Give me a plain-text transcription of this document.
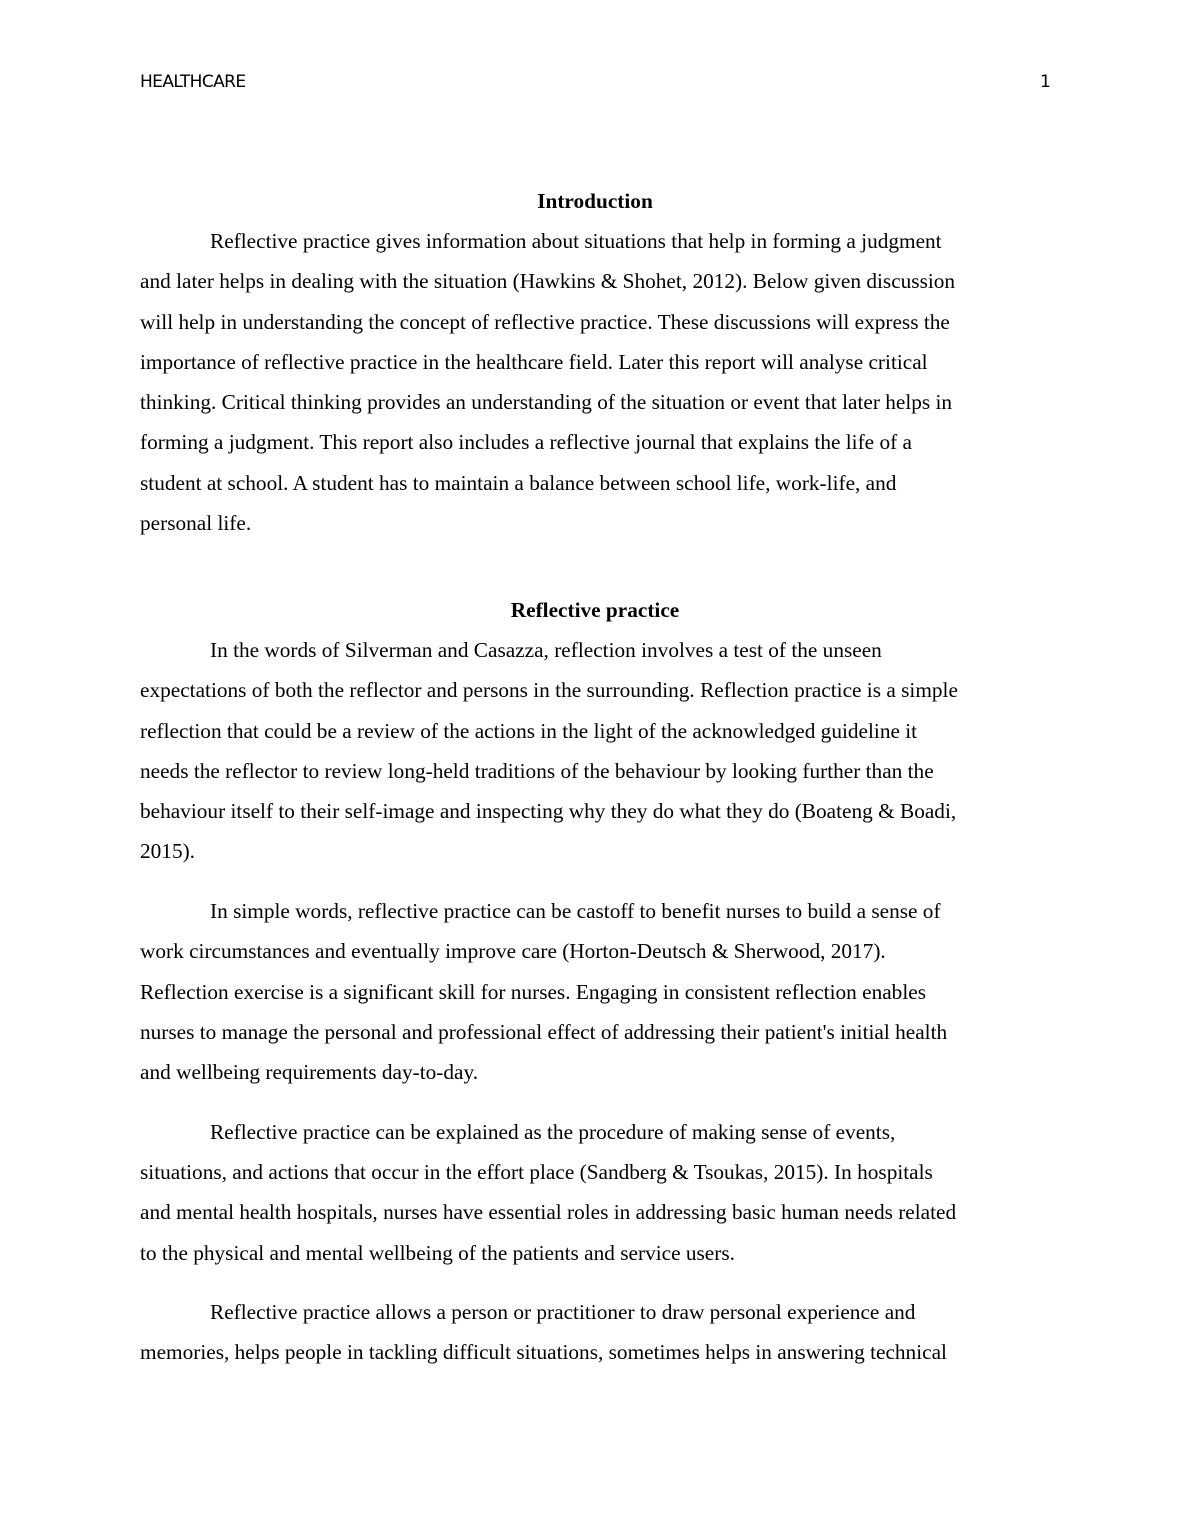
HEALTHCARE	1
Introduction
Reflective practice gives information about situations that help in forming a judgment
and later helps in dealing with the situation (Hawkins & Shohet, 2012). Below given discussion
will help in understanding the concept of reflective practice. These discussions will express the
importance of reflective practice in the healthcare field. Later this report will analyse critical
thinking. Critical thinking provides an understanding of the situation or event that later helps in
forming a judgment. This report also includes a reflective journal that explains the life of a
student at school. A student has to maintain a balance between school life, work-life, and
personal life.
Reflective practice
In the words of Silverman and Casazza, reflection involves a test of the unseen
expectations of both the reflector and persons in the surrounding. Reflection practice is a simple
reflection that could be a review of the actions in the light of the acknowledged guideline it
needs the reflector to review long-held traditions of the behaviour by looking further than the
behaviour itself to their self-image and inspecting why they do what they do (Boateng & Boadi,
2015).
In simple words, reflective practice can be castoff to benefit nurses to build a sense of
work circumstances and eventually improve care (Horton-Deutsch & Sherwood, 2017).
Reflection exercise is a significant skill for nurses. Engaging in consistent reflection enables
nurses to manage the personal and professional effect of addressing their patient's initial health
and wellbeing requirements day-to-day.
Reflective practice can be explained as the procedure of making sense of events,
situations, and actions that occur in the effort place (Sandberg & Tsoukas, 2015). In hospitals
and mental health hospitals, nurses have essential roles in addressing basic human needs related
to the physical and mental wellbeing of the patients and service users.
Reflective practice allows a person or practitioner to draw personal experience and
memories, helps people in tackling difficult situations, sometimes helps in answering technical
